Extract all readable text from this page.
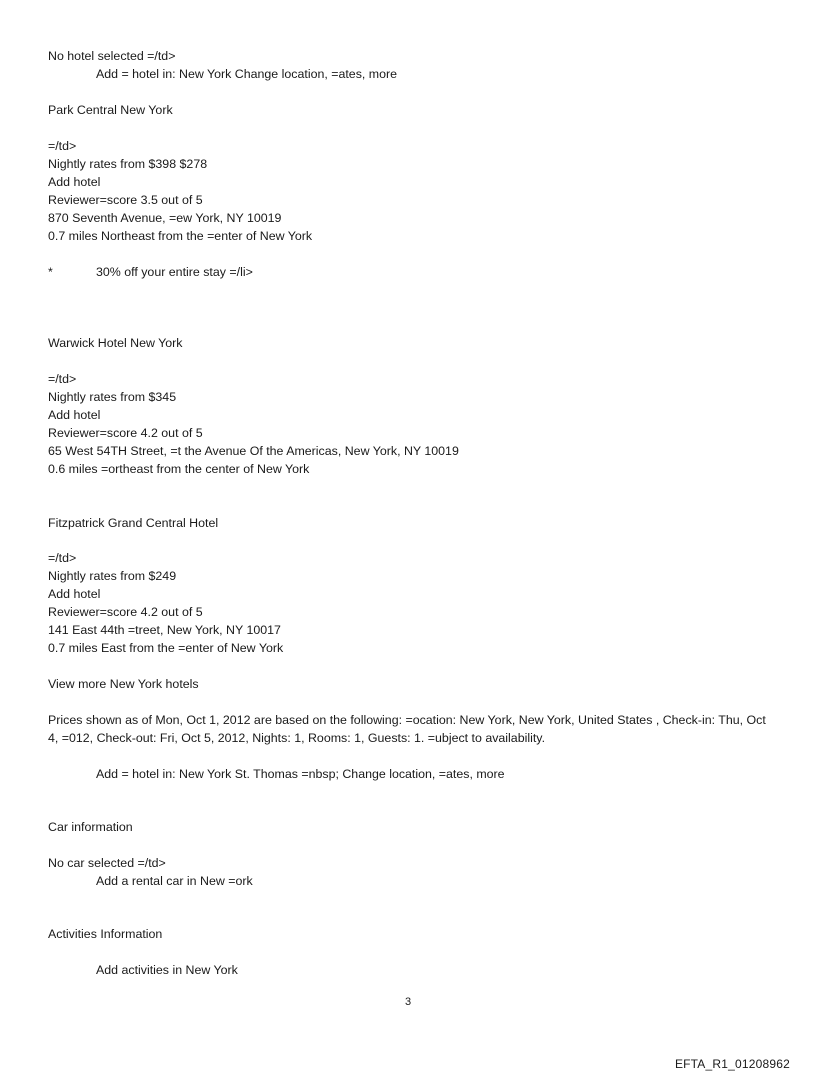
No hotel selected =/td>
Add = hotel in: New York Change location, =ates, more
Park Central New York
=/td>
Nightly rates from $398 $278
Add hotel
Reviewer=score 3.5 out of 5
870 Seventh Avenue, =ew York, NY 10019
0.7 miles Northeast from the =enter of New York
*	30% off your entire stay =/li>
Warwick Hotel New York
=/td>
Nightly rates from $345
Add hotel
Reviewer=score 4.2 out of 5
65 West 54TH Street, =t the Avenue Of the Americas, New York, NY 10019
0.6 miles =ortheast from the center of New York
Fitzpatrick Grand Central Hotel
=/td>
Nightly rates from $249
Add hotel
Reviewer=score 4.2 out of 5
141 East 44th =treet, New York, NY 10017
0.7 miles East from the =enter of New York
View more New York hotels
Prices shown as of Mon, Oct 1, 2012 are based on the following: =ocation: New York, New York, United States , Check-in: Thu, Oct 4, =012, Check-out: Fri, Oct 5, 2012, Nights: 1, Rooms: 1, Guests: 1. =ubject to availability.
Add = hotel in: New York St. Thomas =nbsp; Change location, =ates, more
Car information
No car selected =/td>
Add a rental car in New =ork
Activities Information
Add activities in New York
3
EFTA_R1_01208962
